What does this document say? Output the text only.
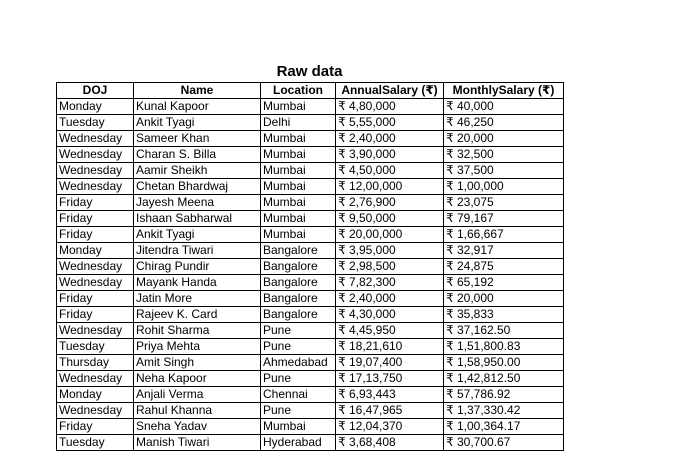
Raw data
DOJ	Name	Location	AnnualSalary (₹)	MonthlySalary (₹)
Monday	Kunal Kapoor	Mumbai	₹ 4,80,000	₹ 40,000
Tuesday	Ankit Tyagi	Delhi	₹ 5,55,000	₹ 46,250
Wednesday	Sameer Khan	Mumbai	₹ 2,40,000	₹ 20,000
Wednesday	Charan S. Billa	Mumbai	₹ 3,90,000	₹ 32,500
Wednesday	Aamir Sheikh	Mumbai	₹ 4,50,000	₹ 37,500
Wednesday	Chetan Bhardwaj	Mumbai	₹ 12,00,000	₹ 1,00,000
Friday	Jayesh Meena	Mumbai	₹ 2,76,900	₹ 23,075
Friday	Ishaan Sabharwal	Mumbai	₹ 9,50,000	₹ 79,167
Friday	Ankit Tyagi	Mumbai	₹ 20,00,000	₹ 1,66,667
Monday	Jitendra Tiwari	Bangalore	₹ 3,95,000	₹ 32,917
Wednesday	Chirag Pundir	Bangalore	₹ 2,98,500	₹ 24,875
Wednesday	Mayank Handa	Bangalore	₹ 7,82,300	₹ 65,192
Friday	Jatin More	Bangalore	₹ 2,40,000	₹ 20,000
Friday	Rajeev K. Card	Bangalore	₹ 4,30,000	₹ 35,833
Wednesday	Rohit Sharma	Pune	₹ 4,45,950	₹ 37,162.50
Tuesday	Priya Mehta	Pune	₹ 18,21,610	₹ 1,51,800.83
Thursday	Amit Singh	Ahmedabad	₹ 19,07,400	₹ 1,58,950.00
Wednesday	Neha Kapoor	Pune	₹ 17,13,750	₹ 1,42,812.50
Monday	Anjali Verma	Chennai	₹ 6,93,443	₹ 57,786.92
Wednesday	Rahul Khanna	Pune	₹ 16,47,965	₹ 1,37,330.42
Friday	Sneha Yadav	Mumbai	₹ 12,04,370	₹ 1,00,364.17
Tuesday	Manish Tiwari	Hyderabad	₹ 3,68,408	₹ 30,700.67
